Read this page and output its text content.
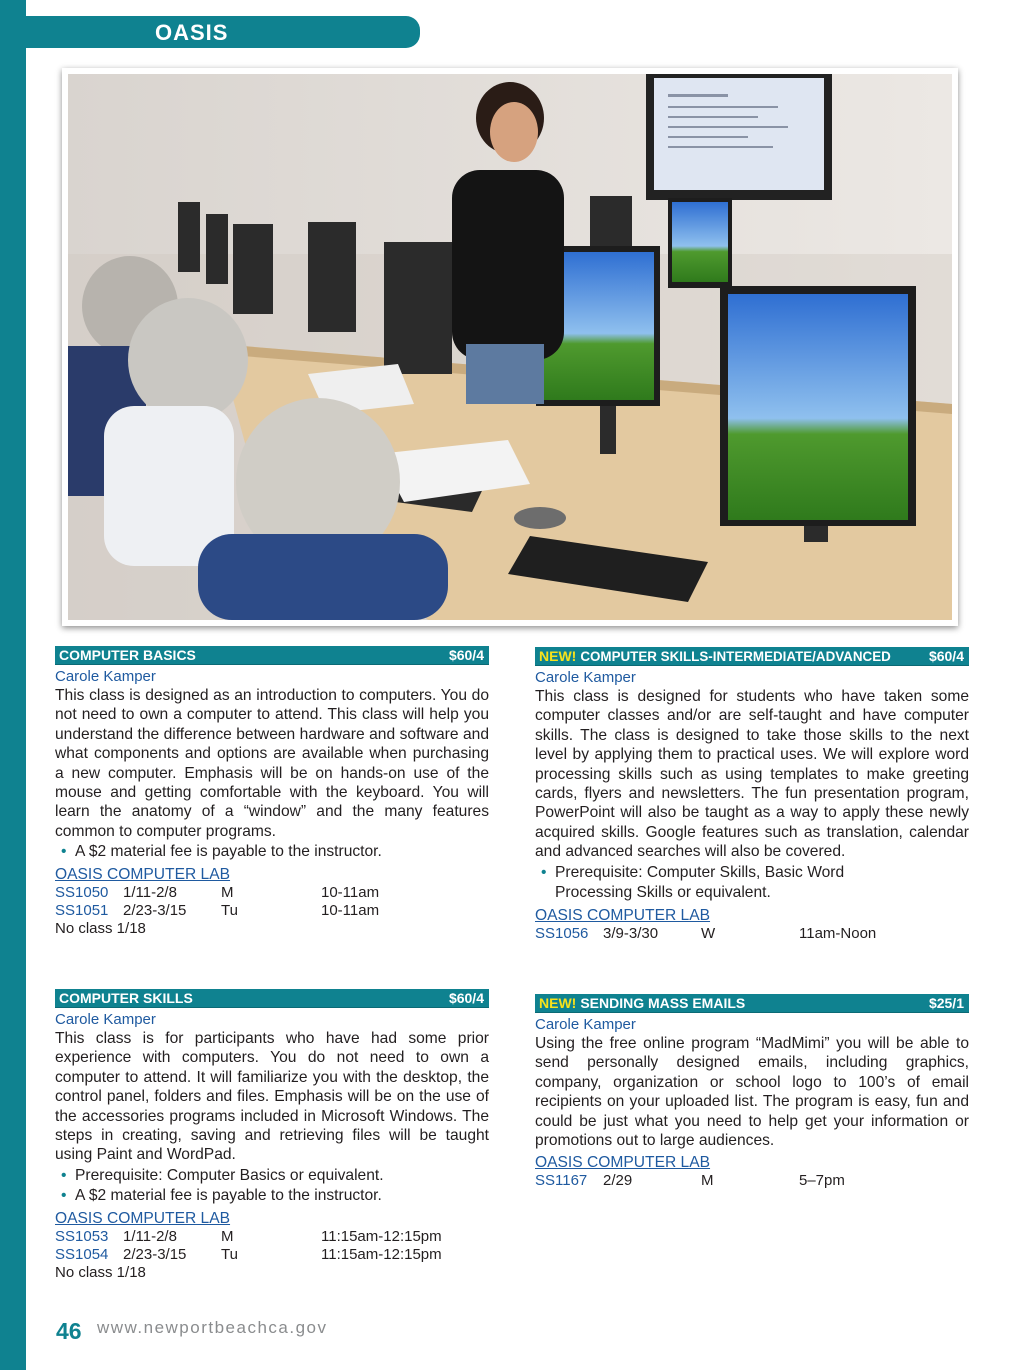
OASIS
COMPUTER BASICS	$60/4
Carole Kamper

This class is designed as an introduction to computers. You do not need to own a computer to attend. This class will help you understand the difference between hardware and software and what components and options are available when purchasing a new computer. Emphasis will be on hands-on use of the mouse and getting comfortable with the keyboard. You will learn the anatomy of a “window” and the many features common to computer programs.

• A $2 material fee is payable to the instructor.
OASIS COMPUTER LAB
SS1050 1/11-2/8	M	10-11am
SS1051 2/23-3/15	Tu	10-11am
No class 1/18
COMPUTER SKILLS	$60/4
Carole Kamper

This class is for participants who have had some prior experience with computers. You do not need to own a computer to attend. It will familiarize you with the desktop, the control panel, folders and files. Emphasis will be on the use of the accessories programs included in Microsoft Windows. The steps in creating, saving and retrieving files will be taught using Paint and WordPad.

• Prerequisite: Computer Basics or equivalent.
• A $2 material fee is payable to the instructor.
OASIS COMPUTER LAB
SS1053 1/11-2/8	M	11:15am-12:15pm
SS1054 2/23-3/15	Tu	11:15am-12:15pm
No class 1/18
NEW! COMPUTER SKILLS-INTERMEDIATE/ADVANCED	$60/4
Carole Kamper

This class is designed for students who have taken some computer classes and/or are self-taught and have computer skills. The class is designed to take those skills to the next level by applying them to practical uses. We will explore word processing skills such as using templates to make greeting cards, flyers and newsletters. The fun presentation program, PowerPoint will also be taught as a way to apply these newly acquired skills. Google features such as translation, calendar and advanced searches will also be covered.

• Prerequisite: Computer Skills, Basic Word Processing Skills or equivalent.
OASIS COMPUTER LAB
SS1056 3/9-3/30	W	11am-Noon
NEW! SENDING MASS EMAILS	$25/1
Carole Kamper

Using the free online program “MadMimi” you will be able to send personally designed emails, including graphics, company, organization or school logo to 100’s of email recipients on your uploaded list. The program is easy, fun and could be just what you need to help get your information or promotions out to large audiences.

OASIS COMPUTER LAB
SS1167	2/29	M	5–7pm
46 www.newportbeachca.gov
